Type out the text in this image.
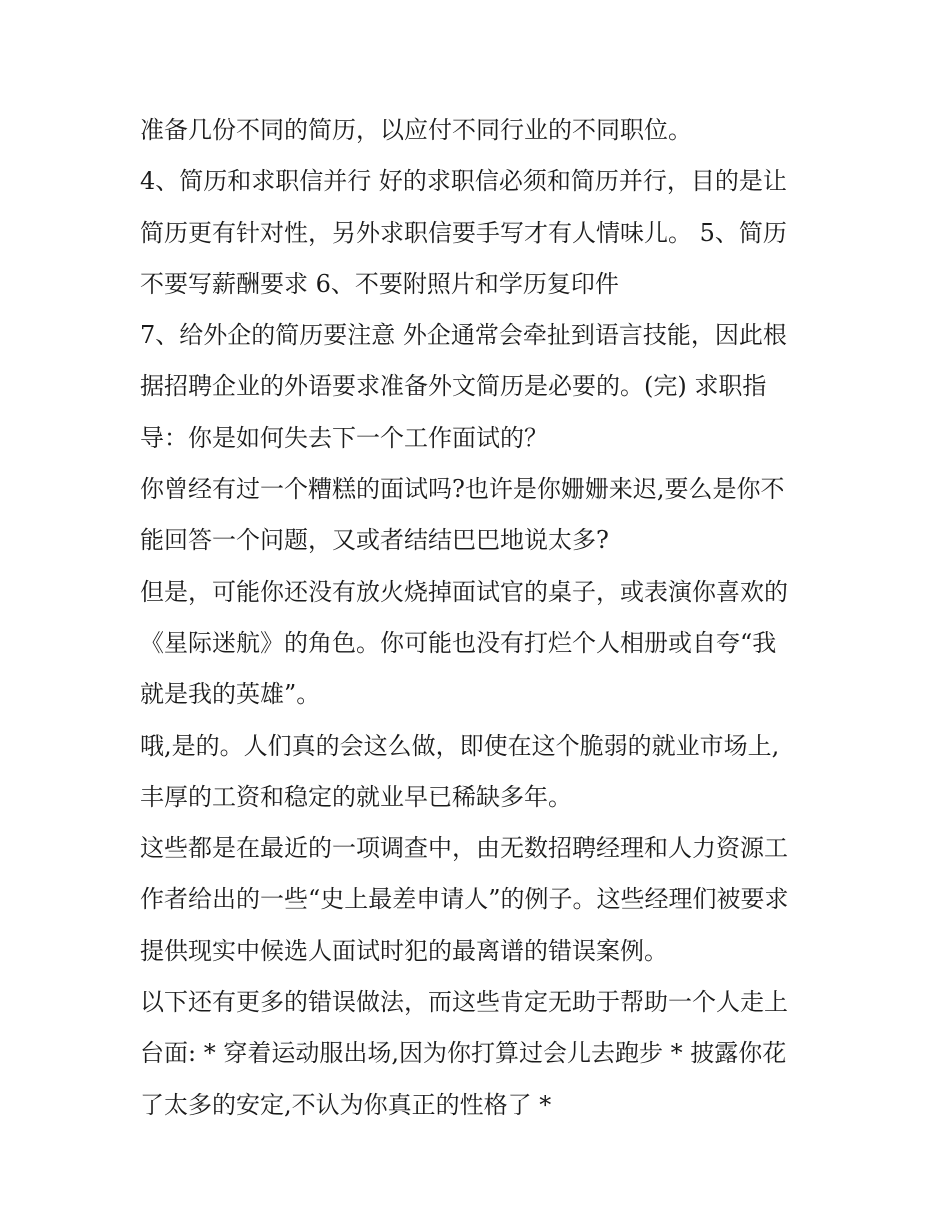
准备几份不同的简历，以应付不同行业的不同职位。
4、简历和求职信并行 好的求职信必须和简历并行，目的是让
简历更有针对性，另外求职信要手写才有人情味儿。 5、简历
不要写薪酬要求 6、不要附照片和学历复印件
7、给外企的简历要注意 外企通常会牵扯到语言技能，因此根
据招聘企业的外语要求准备外文简历是必要的。(完) 求职指
导：你是如何失去下一个工作面试的？
你曾经有过一个糟糕的面试吗?也许是你姗姗来迟,要么是你不
能回答一个问题，又或者结结巴巴地说太多?
但是，可能你还没有放火烧掉面试官的桌子，或表演你喜欢的
《星际迷航》的角色。你可能也没有打烂个人相册或自夸“我
就是我的英雄”。
哦,是的。人们真的会这么做，即使在这个脆弱的就业市场上,
丰厚的工资和稳定的就业早已稀缺多年。
这些都是在最近的一项调查中，由无数招聘经理和人力资源工
作者给出的一些“史上最差申请人”的例子。这些经理们被要求
提供现实中候选人面试时犯的最离谱的错误案例。
以下还有更多的错误做法，而这些肯定无助于帮助一个人走上
台面: * 穿着运动服出场,因为你打算过会儿去跑步 * 披露你花
了太多的安定,不认为你真正的性格了 *
